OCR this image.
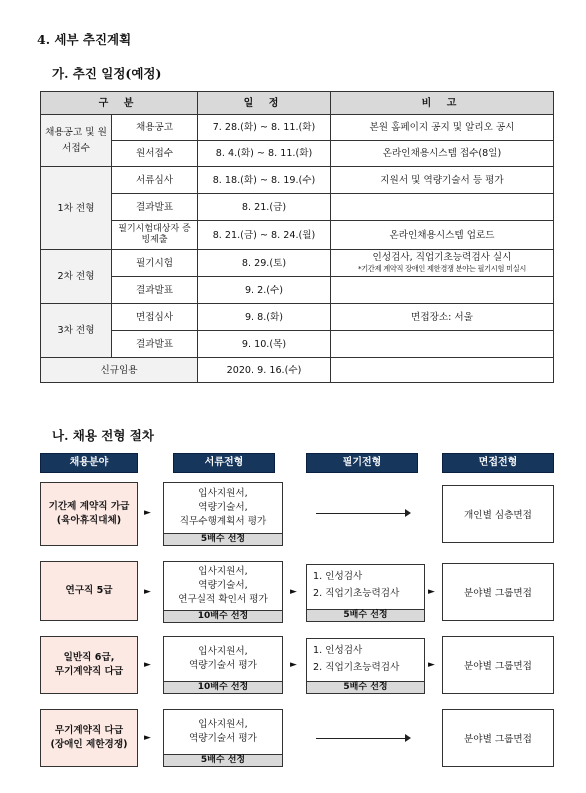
4. 세부 추진계획
가. 추진 일정(예정)
구 분		일 정	비 고
채용공고 및 원서접수	채용공고	7. 28.(화) ~ 8. 11.(화)	본원 홈페이지 공지 및 알리오 공시
	원서접수	8. 4.(화) ~ 8. 11.(화)	온라인채용시스템 접수(8일)
1차 전형	서류심사	8. 18.(화) ~ 8. 19.(수)	지원서 및 역량기술서 등 평가
	결과발표	8. 21.(금)	
	필기시험대상자 증빙제출	8. 21.(금) ~ 8. 24.(월)	온라인채용시스템 업로드
2차 전형	필기시험	8. 29.(토)	인성검사, 직업기초능력검사 실시
*기간제 계약직 장애인 제한경쟁 분야는 필기시험 미실시

	결과발표	9. 2.(수)	
3차 전형	면접심사	9. 8.(화)	면접장소: 서울
	결과발표	9. 10.(목)	
신규임용		2020. 9. 16.(수)	
나. 채용 전형 절차
채용분야	서류전형	필기전형	면접전형
기간제 계약직 가급
(육아휴직대체)
►
입사지원서,
역량기술서,
직무수행계획서 평가
5배수 선정
개인별 심층면접
연구직 5급	►
입사지원서,
역량기술서,
연구실적 확인서 평가
10배수 선정
►
1. 인성검사
2. 직업기초능력검사
5배수 선정
►	분야별 그룹면접
일반직 6급,
무기계약직 다급
►
입사지원서,
역량기술서 평가
10배수 선정
►
1. 인성검사
2. 직업기초능력검사
5배수 선정
►	분야별 그룹면접
무기계약직 다급
(장애인 제한경쟁)
►
입사지원서,
역량기술서 평가
5배수 선정
분야별 그룹면접
